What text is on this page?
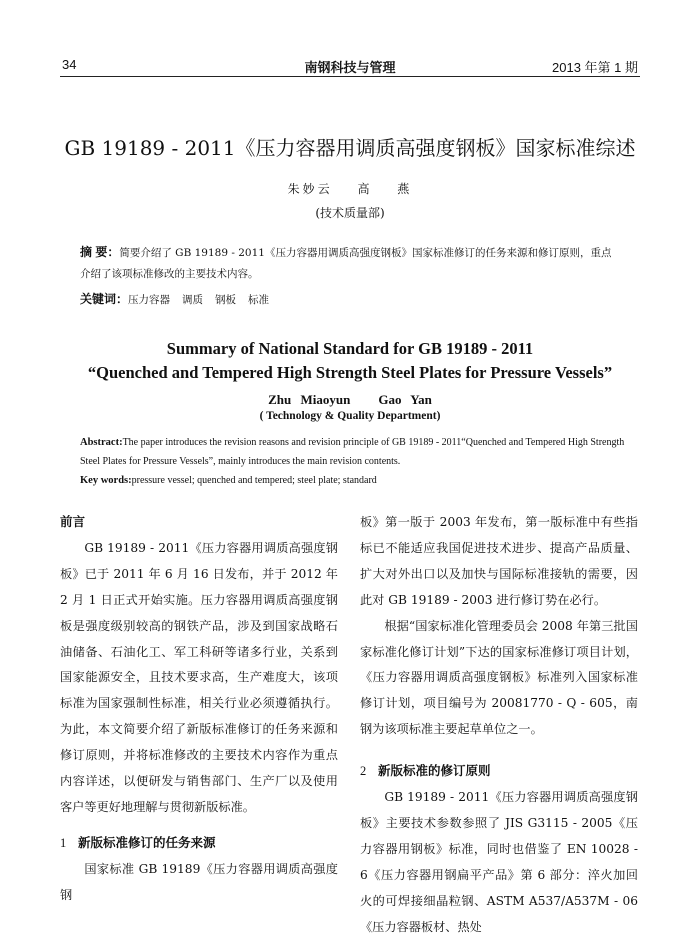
34	南钢科技与管理	2013 年第 1 期
GB 19189 - 2011《压力容器用调质高强度钢板》国家标准综述
朱妙云 高 燕
(技术质量部)
摘 要：简要介绍了 GB 19189 - 2011《压力容器用调质高强度钢板》国家标准修订的任务来源和修订原则，重点介绍了该项标准修改的主要技术内容。
关键词：压力容器 调质 钢板 标准
Summary of National Standard for GB 19189 - 2011
“Quenched and Tempered High Strength Steel Plates for Pressure Vessels”
Zhu Miaoyun Gao Yan
( Technology & Quality Department)
Abstract:The paper introduces the revision reasons and revision principle of GB 19189 - 2011“Quenched and Tempered High Strength Steel Plates for Pressure Vessels”, mainly introduces the main revision contents.
Key words:pressure vessel; quenched and tempered; steel plate; standard

前言

GB 19189 - 2011《压力容器用调质高强度钢板》已于 2011 年 6 月 16 日发布，并于 2012 年 2 月 1 日正式开始实施。压力容器用调质高强度钢板是强度级别较高的钢铁产品，涉及到国家战略石油储备、石油化工、军工科研等诸多行业，关系到国家能源安全，且技术要求高，生产难度大，该项标准为国家强制性标准，相关行业必须遵循执行。为此，本文简要介绍了新版标准修订的任务来源和修订原则，并将标准修改的主要技术内容作为重点内容详述，以便研发与销售部门、生产厂以及使用客户等更好地理解与贯彻新版标准。

1 新版标准修订的任务来源

国家标准 GB 19189《压力容器用调质高强度钢

板》第一版于 2003 年发布，第一版标准中有些指标已不能适应我国促进技术进步、提高产品质量、扩大对外出口以及加快与国际标准接轨的需要，因此对 GB 19189 - 2003 进行修订势在必行。

根据“国家标准化管理委员会 2008 年第三批国家标准化修订计划”下达的国家标准修订项目计划，《压力容器用调质高强度钢板》标准列入国家标准修订计划，项目编号为 20081770 - Q - 605，南钢为该项标准主要起草单位之一。

2 新版标准的修订原则

GB 19189 - 2011《压力容器用调质高强度钢板》主要技术参数参照了 JIS G3115 - 2005《压力容器用钢板》标准，同时也借鉴了 EN 10028 - 6《压力容器用钢扁平产品》第 6 部分：淬火加回火的可焊接细晶粒钢、ASTM A537/A537M - 06《压力容器板材、热处
